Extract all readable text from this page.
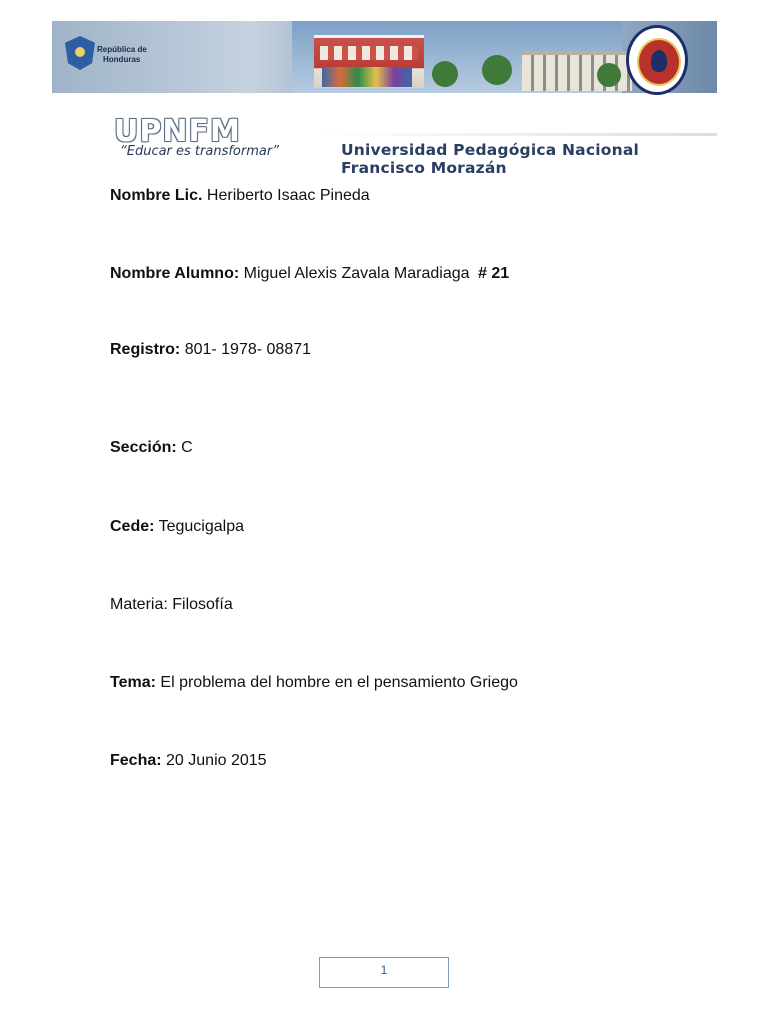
República de
Honduras
UPNFM
“Educar es transformar”	Universidad Pedagógica Nacional Francisco Morazán
Nombre Lic. Heriberto Isaac Pineda
Nombre Alumno: Miguel Alexis Zavala Maradiaga # 21
Registro: 801- 1978- 08871
Sección: C
Cede: Tegucigalpa
Materia: Filosofía
Tema: El problema del hombre en el pensamiento Griego
Fecha: 20 Junio 2015
1
